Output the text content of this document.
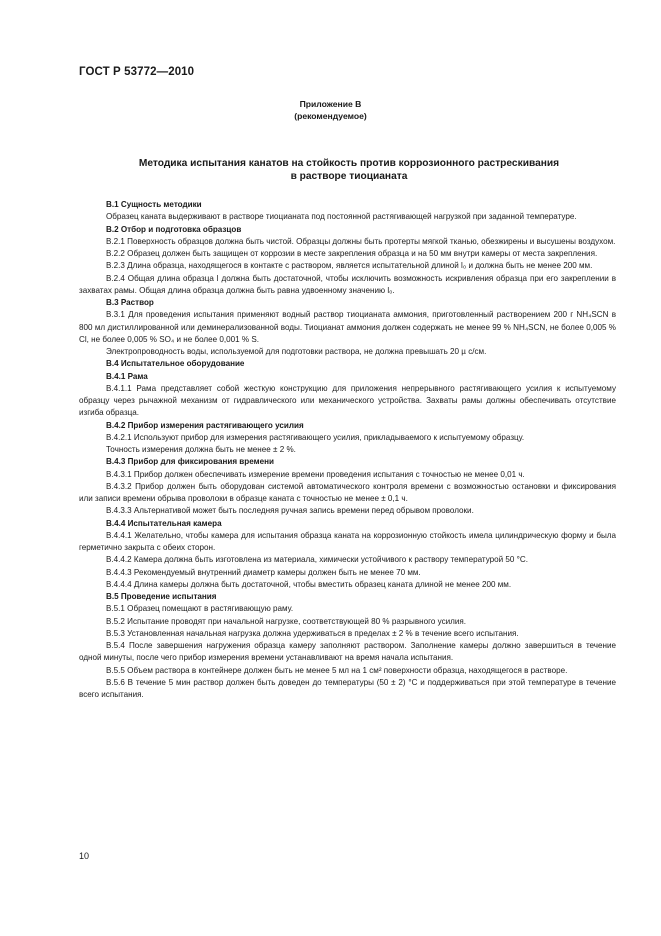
ГОСТ Р 53772—2010
Приложение В
(рекомендуемое)
Методика испытания канатов на стойкость против коррозионного растрескивания
в растворе тиоцианата

В.1 Сущность методики

Образец каната выдерживают в растворе тиоцианата под постоянной растягивающей нагрузкой при заданной температуре.

В.2 Отбор и подготовка образцов

В.2.1 Поверхность образцов должна быть чистой. Образцы должны быть протерты мягкой тканью, обезжирены и высушены воздухом.

В.2.2 Образец должен быть защищен от коррозии в месте закрепления образца и на 50 мм внутри камеры от места закрепления.

В.2.3 Длина образца, находящегося в контакте с раствором, является испытательной длиной l₀ и должна быть не менее 200 мм.

В.2.4 Общая длина образца l должна быть достаточной, чтобы исключить возможность искривления образца при его закреплении в захватах рамы. Общая длина образца должна быть равна удвоенному значению l₀.

В.3 Раствор

В.3.1 Для проведения испытания применяют водный раствор тиоцианата аммония, приготовленный растворением 200 г NH₄SCN в 800 мл дистиллированной или деминерализованной воды. Тиоцианат аммония должен содержать не менее 99 % NH₄SCN, не более 0,005 % Cl, не более 0,005 % SO₄ и не более 0,001 % S.

Электропроводность воды, используемой для подготовки раствора, не должна превышать 20 µ с/см.

В.4 Испытательное оборудование

В.4.1 Рама

В.4.1.1 Рама представляет собой жесткую конструкцию для приложения непрерывного растягивающего усилия к испытуемому образцу через рычажной механизм от гидравлического или механического устройства. Захваты рамы должны обеспечивать отсутствие изгиба образца.

В.4.2 Прибор измерения растягивающего усилия

В.4.2.1 Используют прибор для измерения растягивающего усилия, прикладываемого к испытуемому образцу.

Точность измерения должна быть не менее ± 2 %.

В.4.3 Прибор для фиксирования времени

В.4.3.1 Прибор должен обеспечивать измерение времени проведения испытания с точностью не менее 0,01 ч.

В.4.3.2 Прибор должен быть оборудован системой автоматического контроля времени с возможностью остановки и фиксирования или записи времени обрыва проволоки в образце каната с точностью не менее ± 0,1 ч.

В.4.3.3 Альтернативой может быть последняя ручная запись времени перед обрывом проволоки.

В.4.4 Испытательная камера

В.4.4.1 Желательно, чтобы камера для испытания образца каната на коррозионную стойкость имела цилиндрическую форму и была герметично закрыта с обеих сторон.

В.4.4.2 Камера должна быть изготовлена из материала, химически устойчивого к раствору температурой 50 °С.

В.4.4.3 Рекомендуемый внутренний диаметр камеры должен быть не менее 70 мм.

В.4.4.4 Длина камеры должна быть достаточной, чтобы вместить образец каната длиной не менее 200 мм.

В.5 Проведение испытания

В.5.1 Образец помещают в растягивающую раму.

В.5.2 Испытание проводят при начальной нагрузке, соответствующей 80 % разрывного усилия.

В.5.3 Установленная начальная нагрузка должна удерживаться в пределах ± 2 % в течение всего испытания.

В.5.4 После завершения нагружения образца камеру заполняют раствором. Заполнение камеры должно завершиться в течение одной минуты, после чего прибор измерения времени устанавливают на время начала испытания.

В.5.5 Объем раствора в контейнере должен быть не менее 5 мл на 1 см² поверхности образца, находящегося в растворе.

В.5.6 В течение 5 мин раствор должен быть доведен до температуры (50 ± 2) °С и поддерживаться при этой температуре в течение всего испытания.

10
